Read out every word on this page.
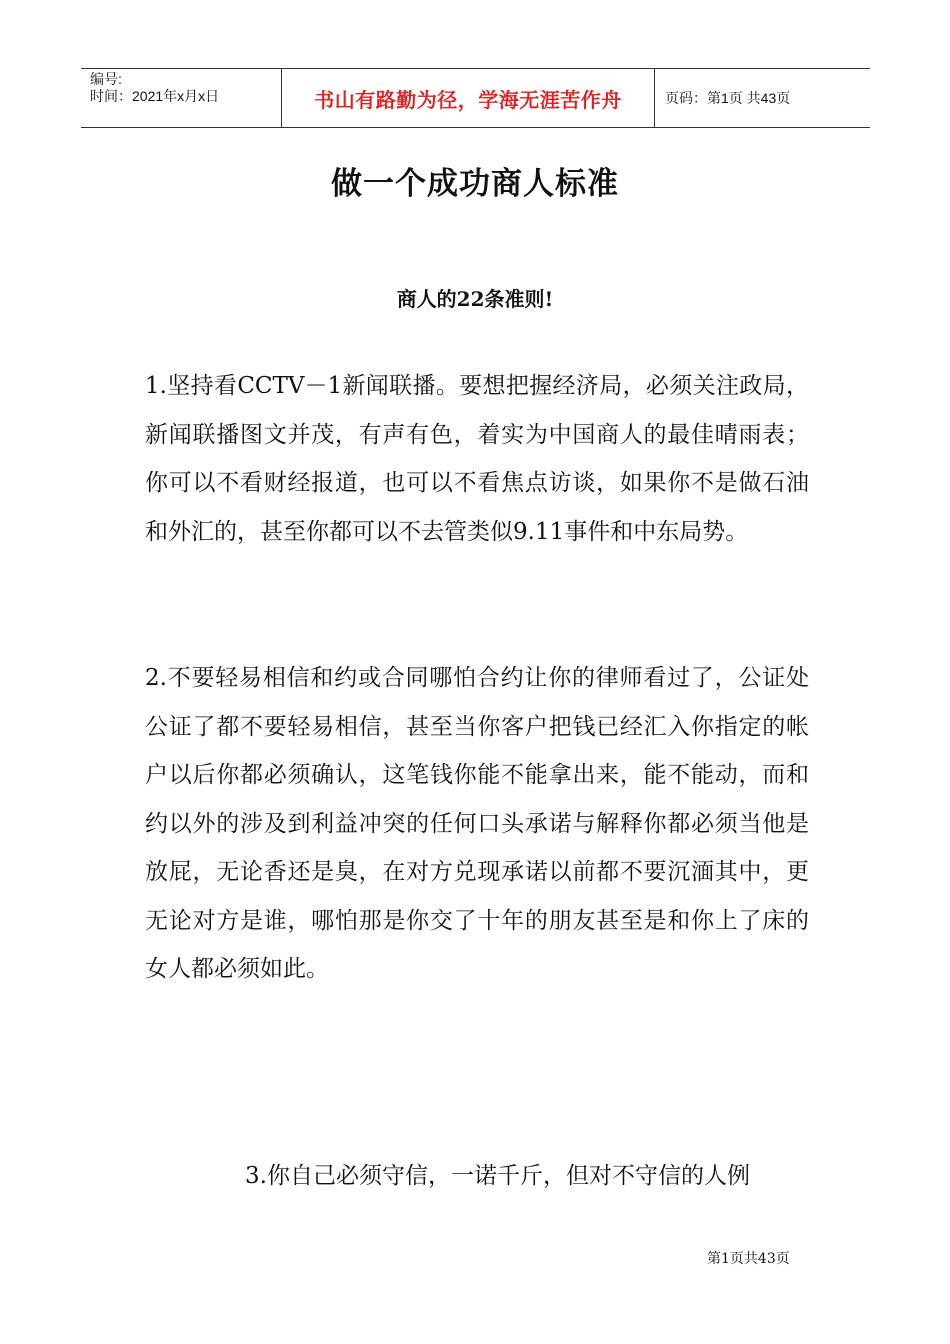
编号:
时间：2021年x月x日	书山有路勤为径，学海无涯苦作舟	页码：第1页 共43页
做一个成功商人标准
商人的22条准则!

1.坚持看CCTV－1新闻联播。要想把握经济局，必须关注政局，新闻联播图文并茂，有声有色，着实为中国商人的最佳晴雨表；你可以不看财经报道，也可以不看焦点访谈，如果你不是做石油和外汇的，甚至你都可以不去管类似9.11事件和中东局势。

2.不要轻易相信和约或合同哪怕合约让你的律师看过了，公证处公证了都不要轻易相信，甚至当你客户把钱已经汇入你指定的帐户以后你都必须确认，这笔钱你能不能拿出来，能不能动，而和约以外的涉及到利益冲突的任何口头承诺与解释你都必须当他是放屁，无论香还是臭，在对方兑现承诺以前都不要沉湎其中，更无论对方是谁，哪怕那是你交了十年的朋友甚至是和你上了床的女人都必须如此。

3.你自己必须守信，一诺千斤，但对不守信的人例

第1页共43页
